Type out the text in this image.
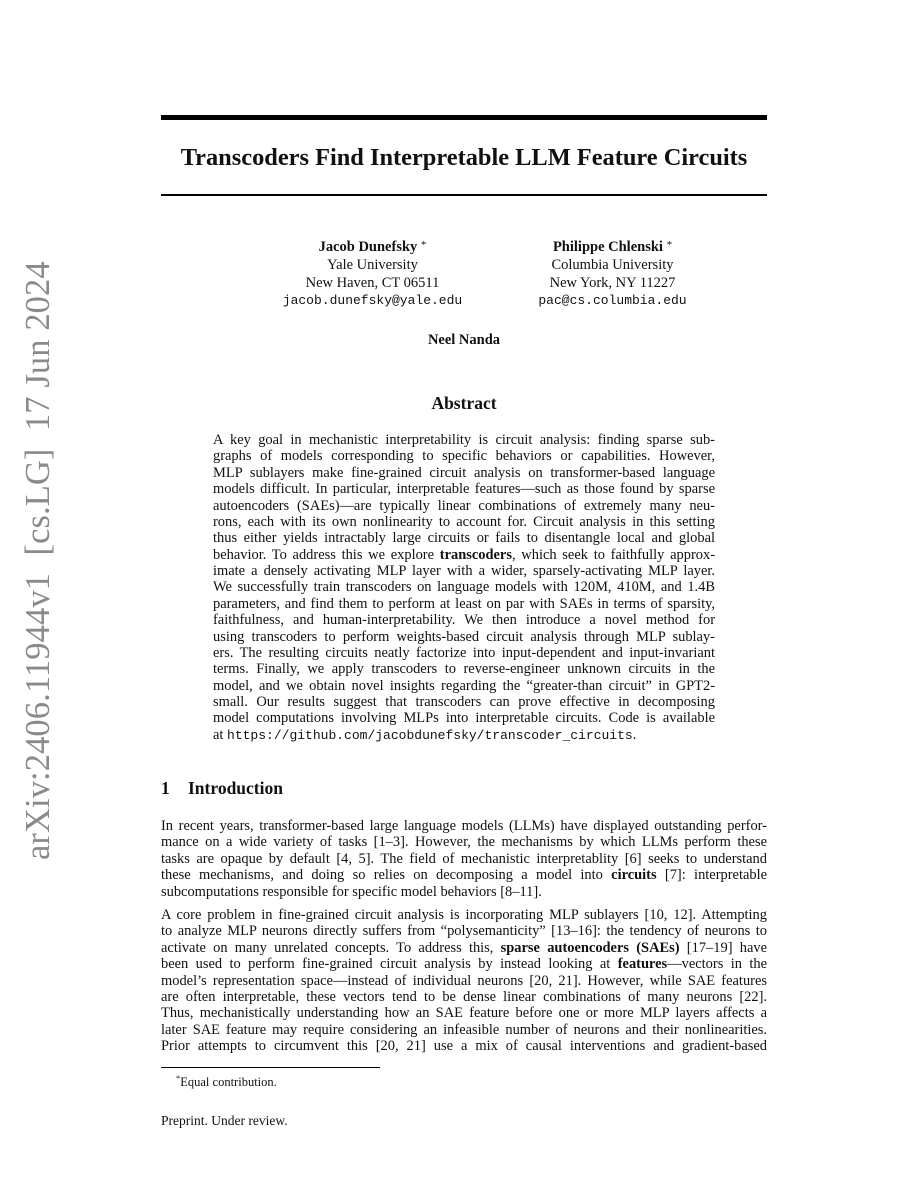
arXiv:2406.11944v1  [cs.LG]  17 Jun 2024
Transcoders Find Interpretable LLM Feature Circuits
Jacob Dunefsky *
Yale University
New Haven, CT 06511
jacob.dunefsky@yale.edu
Philippe Chlenski *
Columbia University
New York, NY 11227
pac@cs.columbia.edu
Neel Nanda
Abstract
A key goal in mechanistic interpretability is circuit analysis: finding sparse sub-
graphs of models corresponding to specific behaviors or capabilities. However,
MLP sublayers make fine-grained circuit analysis on transformer-based language
models difficult. In particular, interpretable features—such as those found by sparse
autoencoders (SAEs)—are typically linear combinations of extremely many neu-
rons, each with its own nonlinearity to account for. Circuit analysis in this setting
thus either yields intractably large circuits or fails to disentangle local and global
behavior. To address this we explore transcoders, which seek to faithfully approx-
imate a densely activating MLP layer with a wider, sparsely-activating MLP layer.
We successfully train transcoders on language models with 120M, 410M, and 1.4B
parameters, and find them to perform at least on par with SAEs in terms of sparsity,
faithfulness, and human-interpretability. We then introduce a novel method for
using transcoders to perform weights-based circuit analysis through MLP sublay-
ers. The resulting circuits neatly factorize into input-dependent and input-invariant
terms. Finally, we apply transcoders to reverse-engineer unknown circuits in the
model, and we obtain novel insights regarding the “greater-than circuit” in GPT2-
small. Our results suggest that transcoders can prove effective in decomposing
model computations involving MLPs into interpretable circuits. Code is available
at https://github.com/jacobdunefsky/transcoder_circuits.
1 Introduction
In recent years, transformer-based large language models (LLMs) have displayed outstanding perfor-
mance on a wide variety of tasks [1–3]. However, the mechanisms by which LLMs perform these
tasks are opaque by default [4, 5]. The field of mechanistic interpretablity [6] seeks to understand
these mechanisms, and doing so relies on decomposing a model into circuits [7]: interpretable
subcomputations responsible for specific model behaviors [8–11].
A core problem in fine-grained circuit analysis is incorporating MLP sublayers [10, 12]. Attempting
to analyze MLP neurons directly suffers from “polysemanticity” [13–16]: the tendency of neurons to
activate on many unrelated concepts. To address this, sparse autoencoders (SAEs) [17–19] have
been used to perform fine-grained circuit analysis by instead looking at features—vectors in the
model’s representation space—instead of individual neurons [20, 21]. However, while SAE features
are often interpretable, these vectors tend to be dense linear combinations of many neurons [22].
Thus, mechanistically understanding how an SAE feature before one or more MLP layers affects a
later SAE feature may require considering an infeasible number of neurons and their nonlinearities.
Prior attempts to circumvent this [20, 21] use a mix of causal interventions and gradient-based
*Equal contribution.
Preprint. Under review.
